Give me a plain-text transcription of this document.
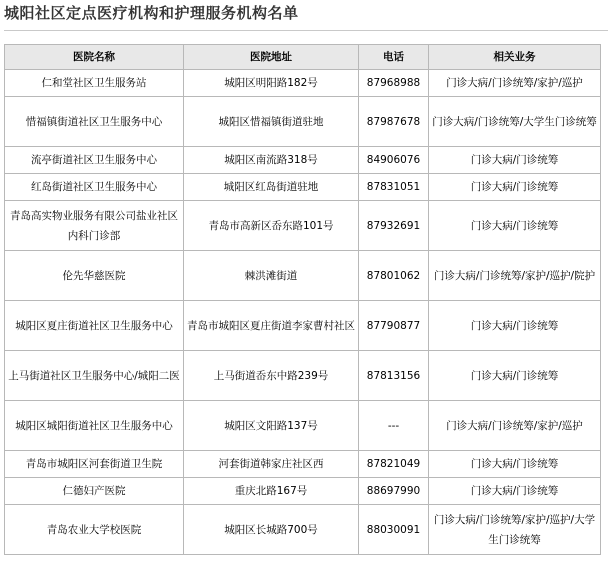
城阳社区定点医疗机构和护理服务机构名单
医院名称	医院地址	电话	相关业务
仁和堂社区卫生服务站	城阳区明阳路182号	87968988	门诊大病/门诊统筹/家护/巡护
惜福镇街道社区卫生服务中心	城阳区惜福镇街道驻地	87987678	门诊大病/门诊统筹/大学生门诊统筹
流亭街道社区卫生服务中心	城阳区南流路318号	84906076	门诊大病/门诊统筹
红岛街道社区卫生服务中心	城阳区红岛街道驻地	87831051	门诊大病/门诊统筹
青岛高实物业服务有限公司盐业社区内科门诊部	青岛市高新区岙东路101号	87932691	门诊大病/门诊统筹
伦先华慈医院	棘洪滩街道	87801062	门诊大病/门诊统筹/家护/巡护/院护
城阳区夏庄街道社区卫生服务中心	青岛市城阳区夏庄街道李家曹村社区	87790877	门诊大病/门诊统筹
上马街道社区卫生服务中心/城阳二医	上马街道岙东中路239号	87813156	门诊大病/门诊统筹
城阳区城阳街道社区卫生服务中心	城阳区文阳路137号	---	门诊大病/门诊统筹/家护/巡护
青岛市城阳区河套街道卫生院	河套街道韩家庄社区西	87821049	门诊大病/门诊统筹
仁德妇产医院	重庆北路167号	88697990	门诊大病/门诊统筹
青岛农业大学校医院	城阳区长城路700号	88030091	门诊大病/门诊统筹/家护/巡护/大学生门诊统筹
